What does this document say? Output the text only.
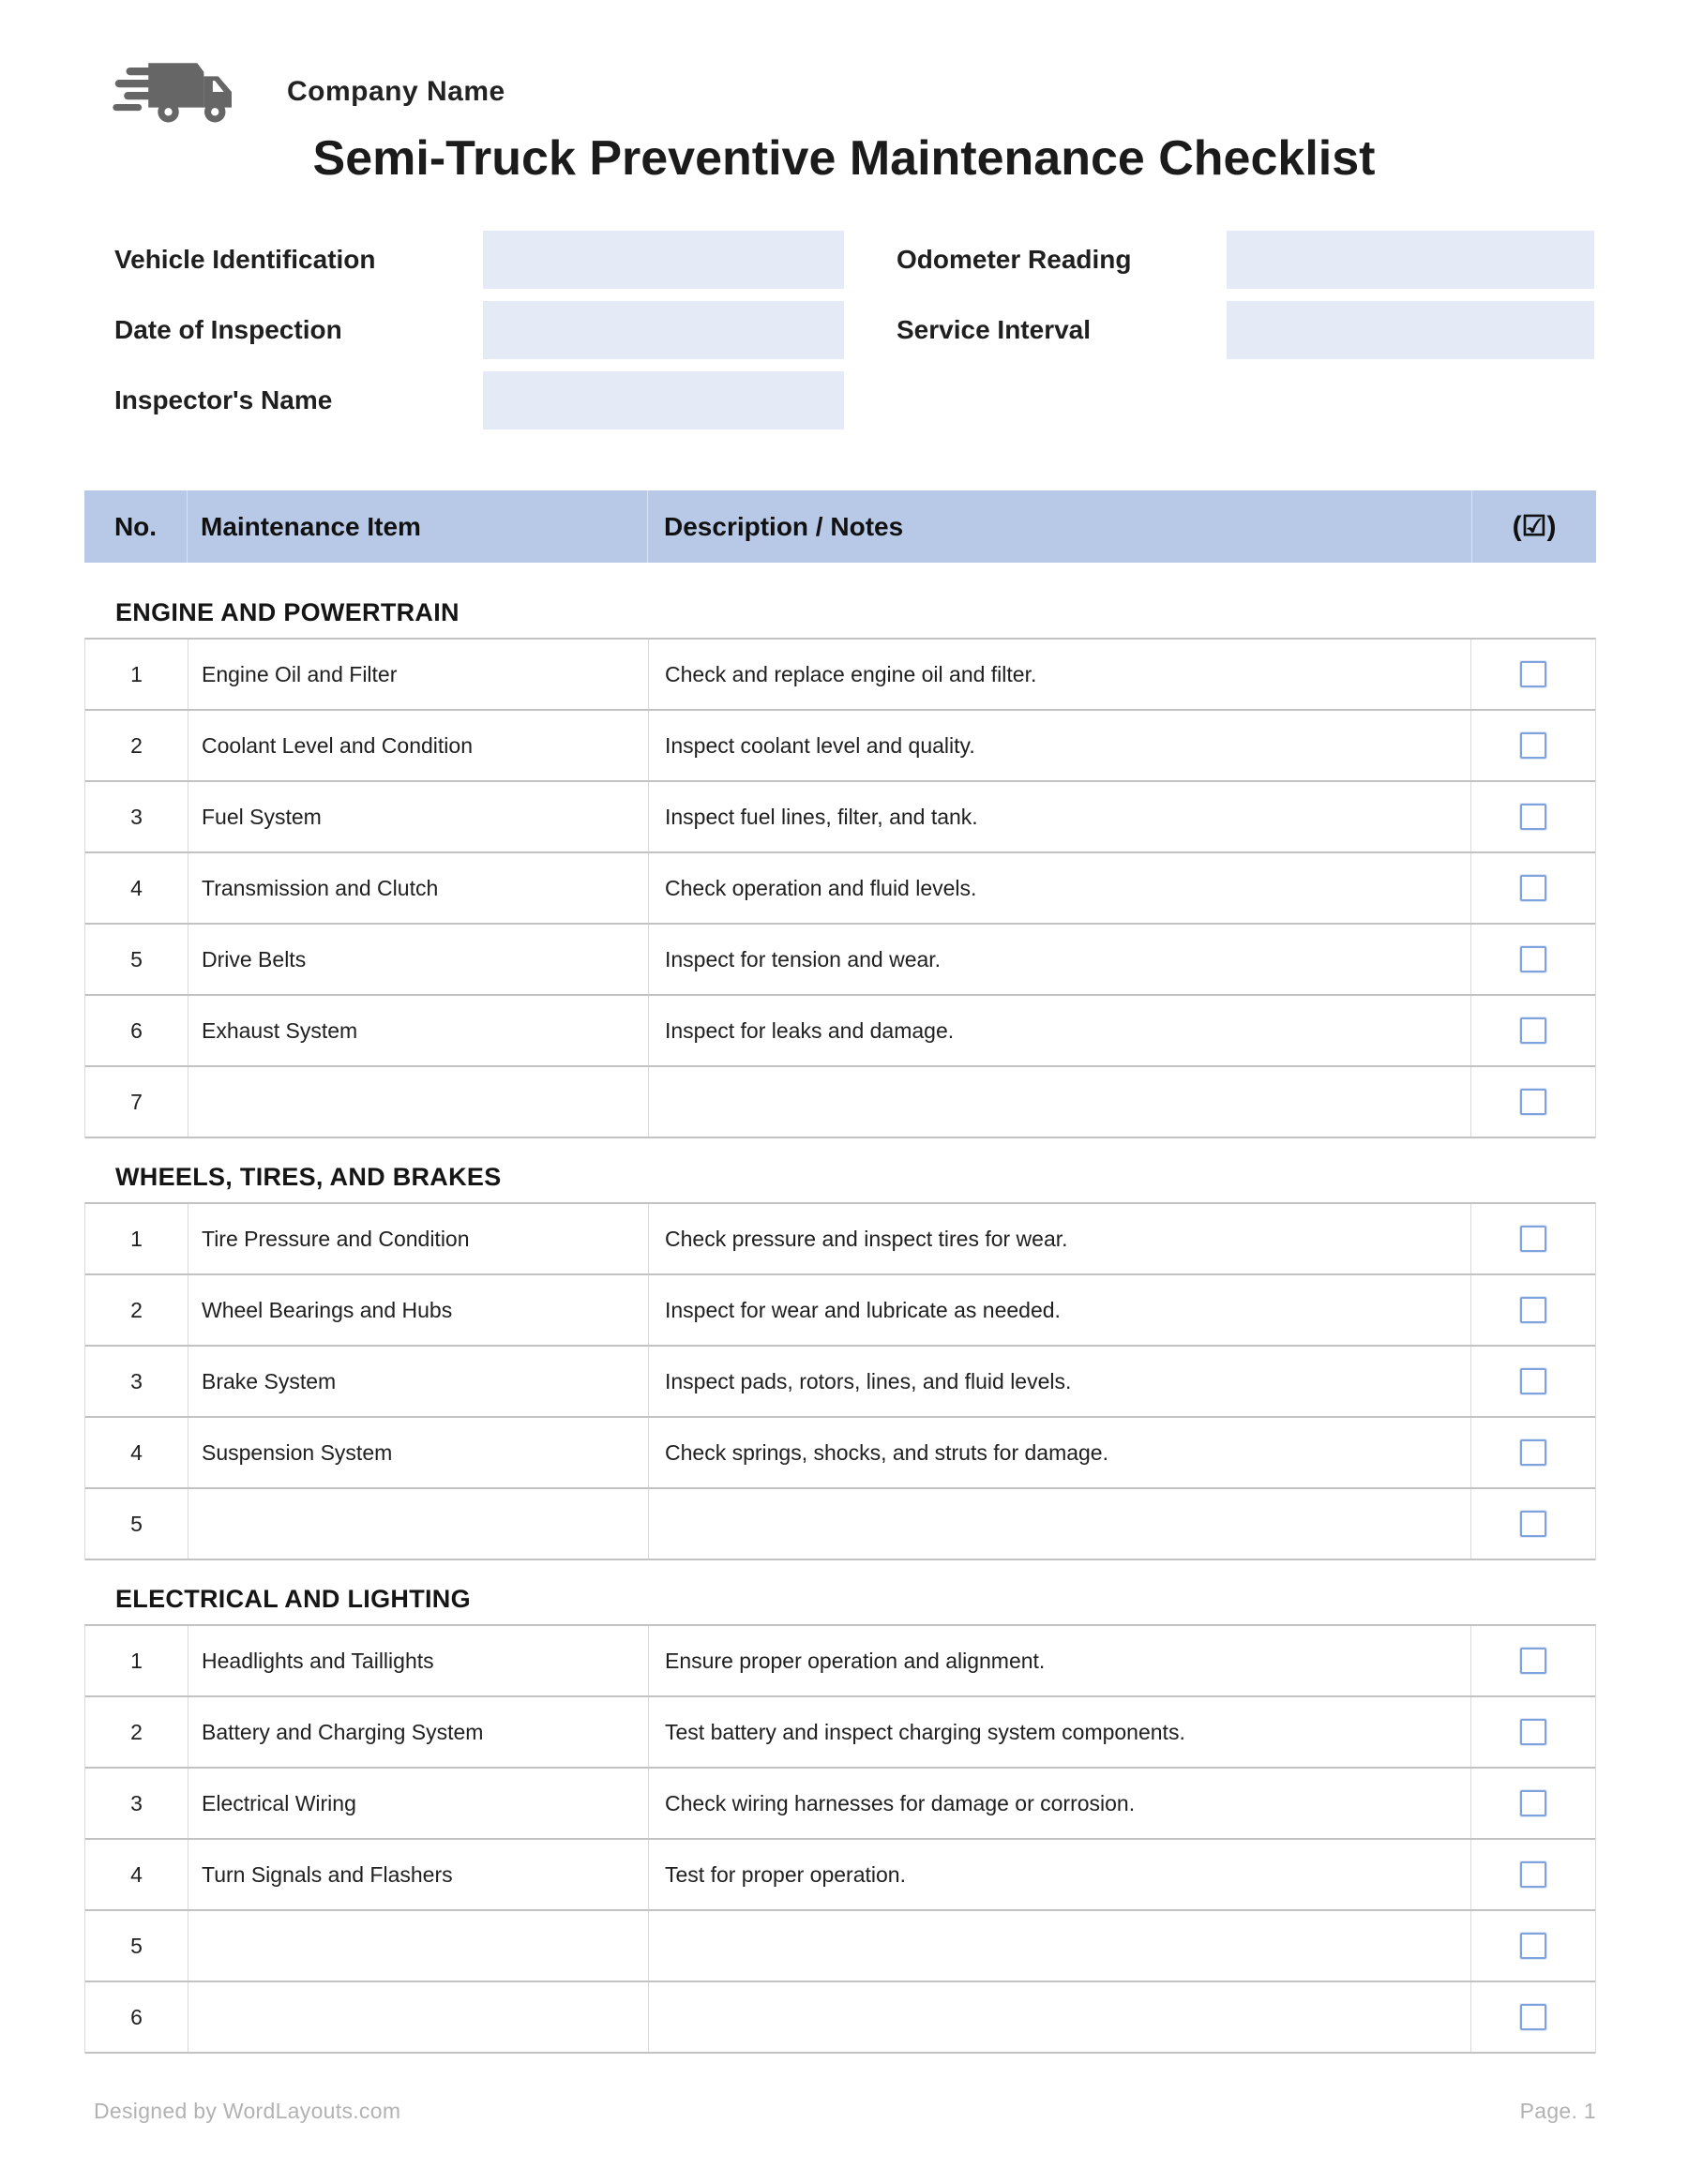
Company Name
Semi-Truck Preventive Maintenance Checklist
Vehicle Identification	Odometer Reading
Date of Inspection	Service Interval
Inspector's Name
No.	Maintenance Item	Description / Notes	(☑)
ENGINE AND POWERTRAIN
1	Engine Oil and Filter	Check and replace engine oil and filter.
2	Coolant Level and Condition	Inspect coolant level and quality.
3	Fuel System	Inspect fuel lines, filter, and tank.
4	Transmission and Clutch	Check operation and fluid levels.
5	Drive Belts	Inspect for tension and wear.
6	Exhaust System	Inspect for leaks and damage.
7
WHEELS, TIRES, AND BRAKES
1	Tire Pressure and Condition	Check pressure and inspect tires for wear.
2	Wheel Bearings and Hubs	Inspect for wear and lubricate as needed.
3	Brake System	Inspect pads, rotors, lines, and fluid levels.
4	Suspension System	Check springs, shocks, and struts for damage.
5
ELECTRICAL AND LIGHTING
1	Headlights and Taillights	Ensure proper operation and alignment.
2	Battery and Charging System	Test battery and inspect charging system components.
3	Electrical Wiring	Check wiring harnesses for damage or corrosion.
4	Turn Signals and Flashers	Test for proper operation.
5
6
Designed by WordLayouts.com	Page. 1
